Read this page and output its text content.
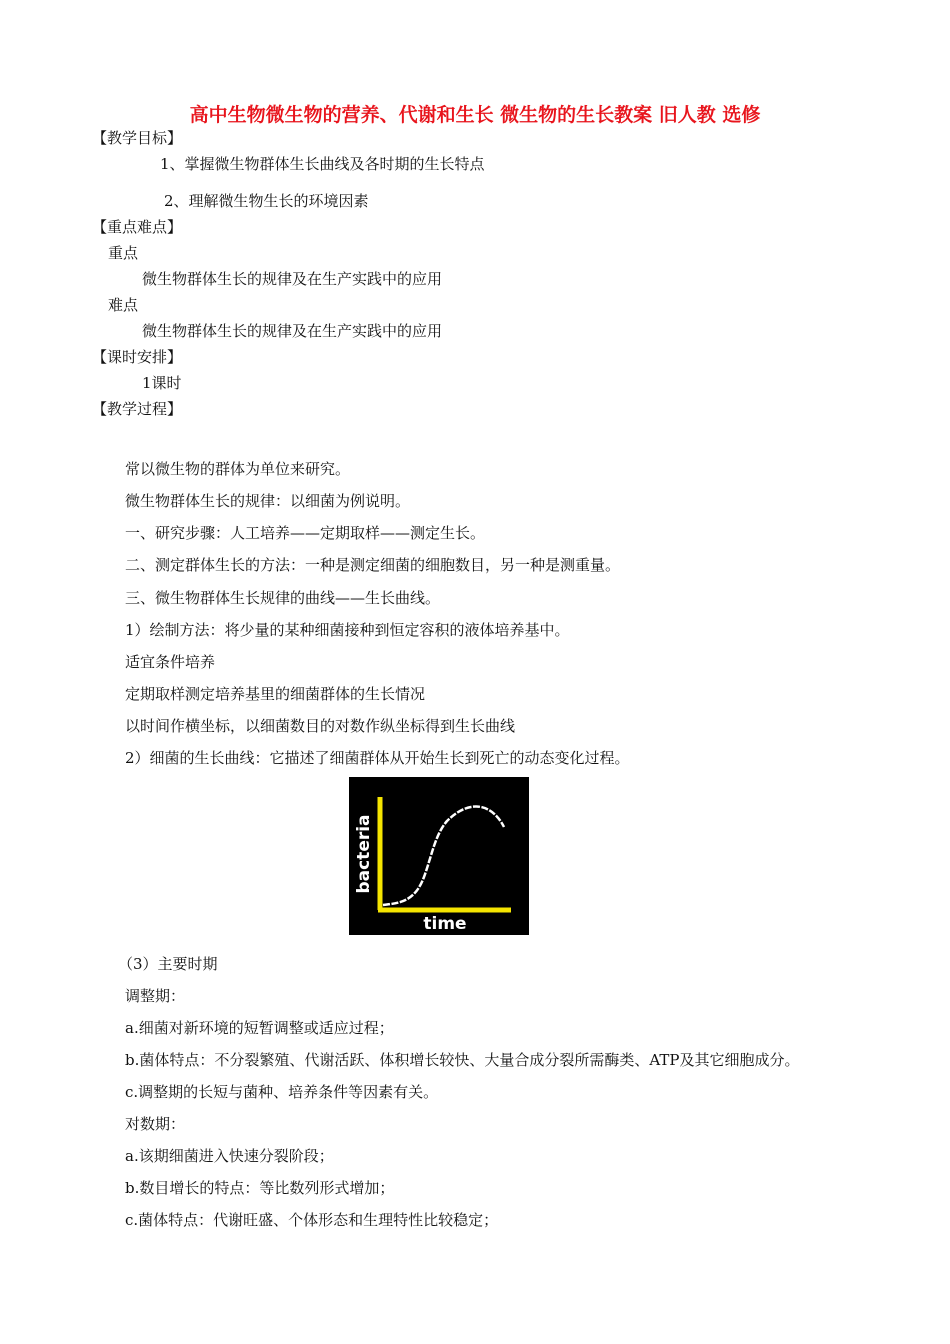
高中生物微生物的营养、代谢和生长 微生物的生长教案 旧人教 选修
【教学目标】
1、掌握微生物群体生长曲线及各时期的生长特点
2、理解微生物生长的环境因素
【重点难点】
重点
微生物群体生长的规律及在生产实践中的应用
难点
微生物群体生长的规律及在生产实践中的应用
【课时安排】
1课时
【教学过程】
常以微生物的群体为单位来研究。
微生物群体生长的规律：以细菌为例说明。
一、研究步骤：人工培养——定期取样——测定生长。
二、测定群体生长的方法：一种是测定细菌的细胞数目，另一种是测重量。
三、微生物群体生长规律的曲线——生长曲线。
1）绘制方法：将少量的某种细菌接种到恒定容积的液体培养基中。
适宜条件培养
定期取样测定培养基里的细菌群体的生长情况
以时间作横坐标，以细菌数目的对数作纵坐标得到生长曲线
2）细菌的生长曲线：它描述了细菌群体从开始生长到死亡的动态变化过程。
time
bacteria
（3）主要时期
调整期：
a.细菌对新环境的短暂调整或适应过程；
b.菌体特点：不分裂繁殖、代谢活跃、体积增长较快、大量合成分裂所需酶类、ATP及其它细胞成分。
c.调整期的长短与菌种、培养条件等因素有关。
对数期：
a.该期细菌进入快速分裂阶段；
b.数目增长的特点：等比数列形式增加；
c.菌体特点：代谢旺盛、个体形态和生理特性比较稳定；
